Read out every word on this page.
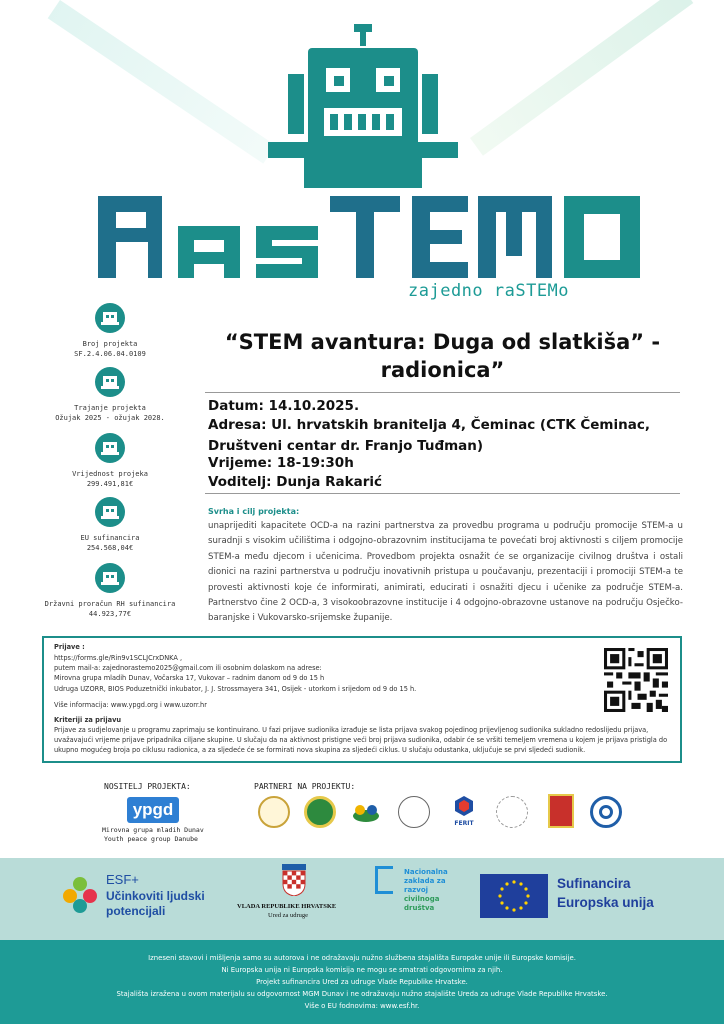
zajedno raSTEMo
Broj projekta
SF.2.4.06.04.0109
Trajanje projekta
Ožujak 2025 - ožujak 2028.
Vrijednost projeka
299.491,81€
EU sufinancira
254.568,04€
Državni proračun RH sufinancira
44.923,77€
“STEM avantura: Duga od slatkiša” - radionica”
Datum: 14.10.2025.
Adresa: Ul. hrvatskih branitelja 4, Čeminac (CTK Čeminac,
Društveni centar dr. Franjo Tuđman)
Vrijeme: 18-19:30h
Voditelj: Dunja Rakarić
Svrha i cilj projekta:
unaprijediti kapacitete OCD-a na razini partnerstva za provedbu programa u području promocije STEM-a u suradnji s visokim učilištima i odgojno-obrazovnim institucijama te povećati broj aktivnosti s ciljem promocije STEM-a među djecom i učenicima. Provedbom projekta osnažit će se organizacije civilnog društva i ostali dionici na razini partnerstva u području inovativnih pristupa u poučavanju, prezentaciji i promociji STEM-a te provesti aktivnosti koje će informirati, animirati, educirati i osnažiti djecu i učenike za područje STEM-a. Partnerstvo čine 2 OCD-a, 3 visokoobrazovne institucije i 4 odgojno-obrazovne ustanove na području Osječko-baranjske i Vukovarsko-srijemske županije.
Prijave :
https://forms.gle/Rin9v1SCLJCrxDNKA ,
putem mail-a: zajednorastemo2025@gmail.com ili osobnim dolaskom na adrese:
Mirovna grupa mladih Dunav, Vočarska 17, Vukovar – radnim danom od 9 do 15 h
Udruga UZORR, BIOS Poduzetnički inkubator, J. J. Strossmayera 341, Osijek - utorkom i srijedom od 9 do 15 h.
Više informacija: www.ypgd.org i www.uzorr.hr
Kriteriji za prijavu
Prijave za sudjelovanje u programu zaprimaju se kontinuirano. U fazi prijave sudionika izrađuje se lista prijava svakog pojedinog prijevljenog sudionika sukladno redoslijedu prijava,
uvažavajući vrijeme prijave pripadnika ciljane skupine. U slučaju da na aktivnost pristigne veći broj prijava sudionika, odabir će se vršiti temeljem vremena u kojem je prijava pristigla do
ukupno mogućeg broja po ciklusu radionica, a za sljedeće će se formirati nova skupina za sljedeći ciklus. U slučaju odustanka, uključuje se prvi sljedeći sudionik.
NOSITELJ PROJEKTA:
ypgd
Mirovna grupa mladih Dunav
Youth peace group Danube
PARTNERI NA PROJEKTU:
FERIT
ESF+
Učinkoviti ljudski
potencijali	VLADA REPUBLIKE HRVATSKE
Ured za udruge
Nacionalna
zaklada za
razvoj
civilnoga
društva
Sufinancira
Europska unija
Izneseni stavovi i mišljenja samo su autorova i ne odražavaju nužno službena stajališta Europske unije ili Europske komisije.
Ni Europska unija ni Europska komisija ne mogu se smatrati odgovornima za njih.
Projekt sufinancira Ured za udruge Vlade Republike Hrvatske.
Stajališta izražena u ovom materijalu su odgovornost MGM Dunav i ne odražavaju nužno stajalište Ureda za udruge Vlade Republike Hrvatske.
Više o EU fodnovima: www.esf.hr.
